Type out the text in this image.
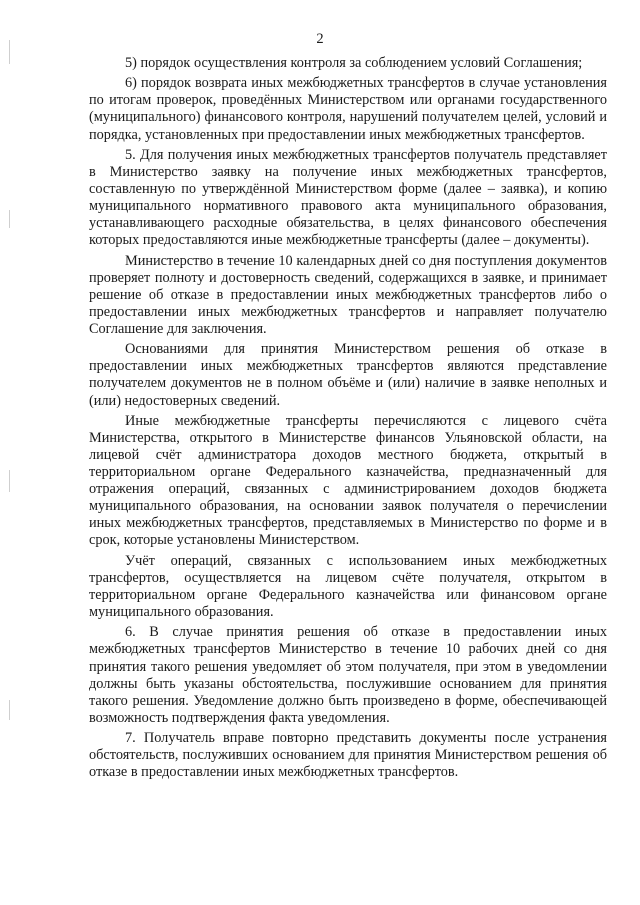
2

5) порядок осуществления контроля за соблюдением условий Соглашения;

6) порядок возврата иных межбюджетных трансфертов в случае установления по итогам проверок, проведённых Министерством или органами государственного (муниципального) финансового контроля, нарушений получателем целей, условий и порядка, установленных при предоставлении иных межбюджетных трансфертов.

5. Для получения иных межбюджетных трансфертов получатель представляет в Министерство заявку на получение иных межбюджетных трансфертов, составленную по утверждённой Министерством форме (далее – заявка), и копию муниципального нормативного правового акта муниципального образования, устанавливающего расходные обязательства, в целях финансового обеспечения которых предоставляются иные межбюджетные трансферты (далее – документы).

Министерство в течение 10 календарных дней со дня поступления документов проверяет полноту и достоверность сведений, содержащихся в заявке, и принимает решение об отказе в предоставлении иных межбюджетных трансфертов либо о предоставлении иных межбюджетных трансфертов и направляет получателю Соглашение для заключения.

Основаниями для принятия Министерством решения об отказе в предоставлении иных межбюджетных трансфертов являются представление получателем документов не в полном объёме и (или) наличие в заявке неполных и (или) недостоверных сведений.

Иные межбюджетные трансферты перечисляются с лицевого счёта Министерства, открытого в Министерстве финансов Ульяновской области, на лицевой счёт администратора доходов местного бюджета, открытый в территориальном органе Федерального казначейства, предназначенный для отражения операций, связанных с администрированием доходов бюджета муниципального образования, на основании заявок получателя о перечислении иных межбюджетных трансфертов, представляемых в Министерство по форме и в срок, которые установлены Министерством.

Учёт операций, связанных с использованием иных межбюджетных трансфертов, осуществляется на лицевом счёте получателя, открытом в территориальном органе Федерального казначейства или финансовом органе муниципального образования.

6. В случае принятия решения об отказе в предоставлении иных межбюджетных трансфертов Министерство в течение 10 рабочих дней со дня принятия такого решения уведомляет об этом получателя, при этом в уведомлении должны быть указаны обстоятельства, послужившие основанием для принятия такого решения. Уведомление должно быть произведено в форме, обеспечивающей возможность подтверждения факта уведомления.

7. Получатель вправе повторно представить документы после устранения обстоятельств, послуживших основанием для принятия Министерством решения об отказе в предоставлении иных межбюджетных трансфертов.
